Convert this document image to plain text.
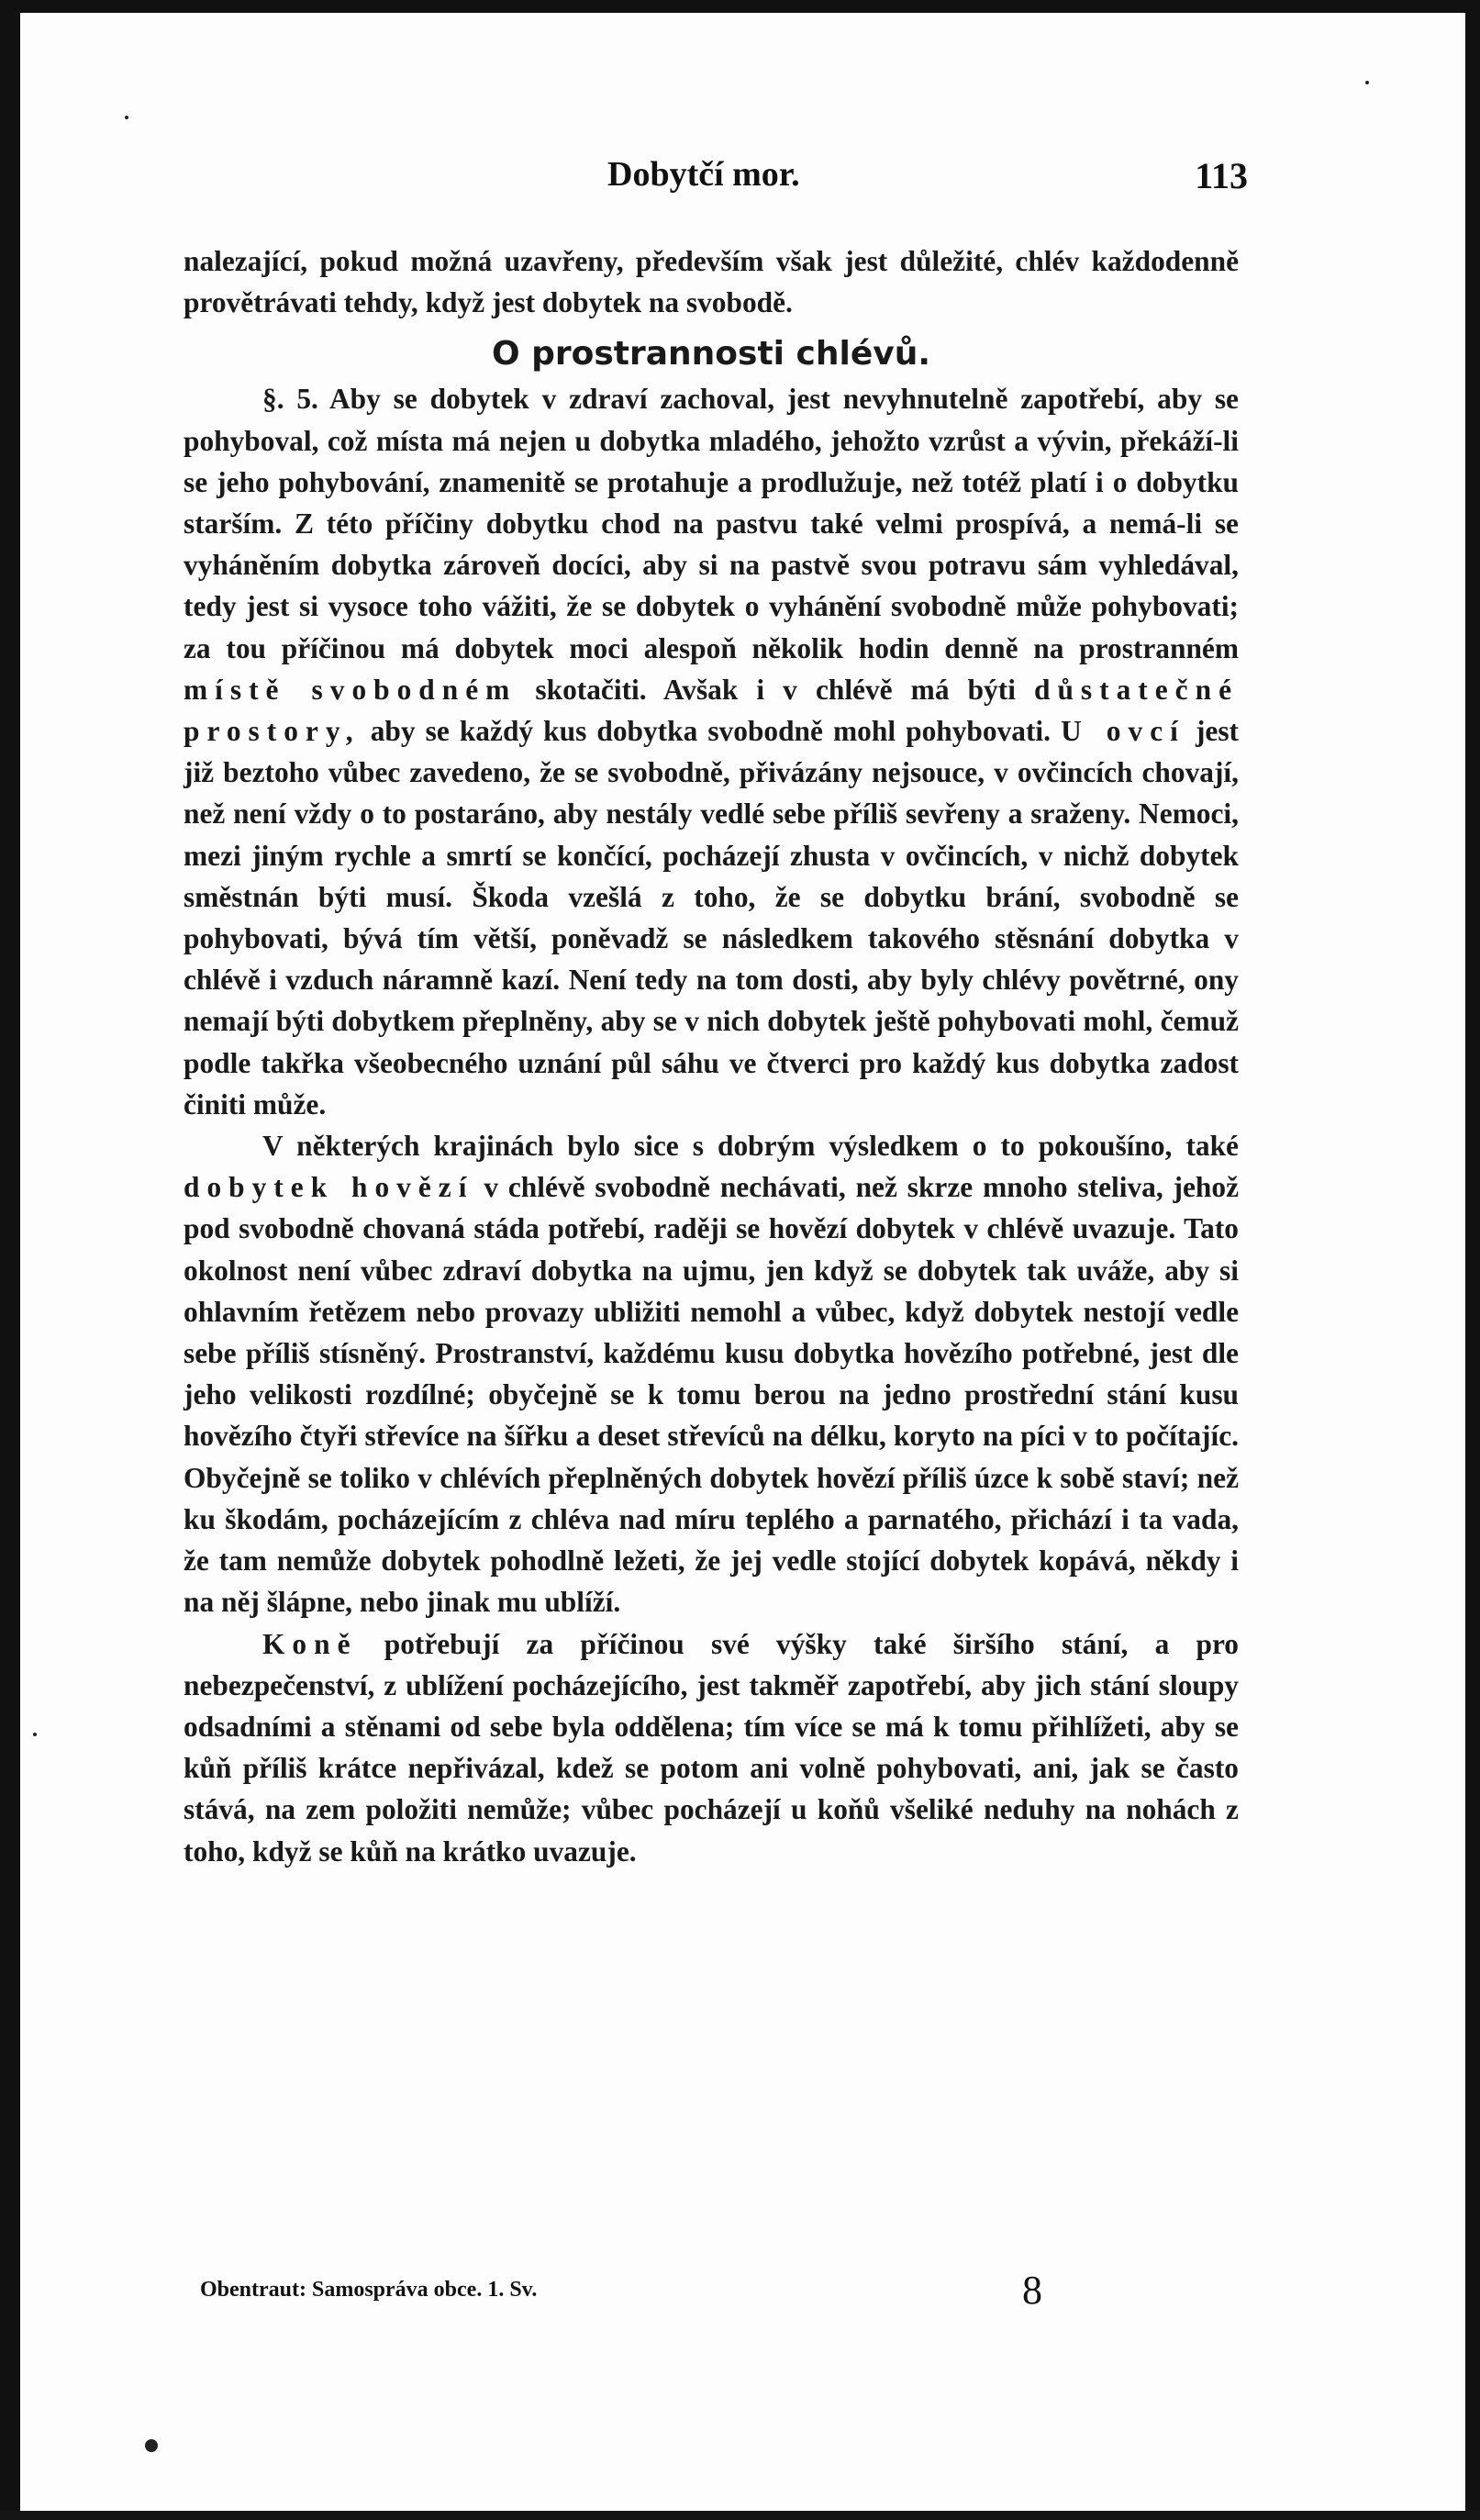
Dobytčí mor.	113

nalezající, pokud možná uzavřeny, především však jest důležité, chlév každodenně provětrávati tehdy, když jest dobytek na svobodě.

O prostrannosti chlévů.

§. 5. Aby se dobytek v zdraví zachoval, jest nevyhnutelně zapotřebí, aby se pohyboval, což místa má nejen u dobytka mladého, jehožto vzrůst a vývin, překáží-li se jeho pohybování, znamenitě se protahuje a prodlužuje, než totéž platí i o dobytku starším. Z této příčiny dobytku chod na pastvu také velmi prospívá, a nemá-li se vyháněním dobytka zároveň docíci, aby si na pastvě svou potravu sám vyhledával, tedy jest si vysoce toho vážiti, že se dobytek o vyhánění svobodně může pohybovati; za tou příčinou má dobytek moci alespoň několik hodin denně na prostranném místě svobodném skotačiti. Avšak i v chlévě má býti důstatečné prostory, aby se každý kus dobytka svobodně mohl pohybovati. U ovcí jest již beztoho vůbec zavedeno, že se svobodně, přivázány nejsouce, v ovčincích chovají, než není vždy o to postaráno, aby nestály vedlé sebe příliš sevřeny a sraženy. Nemoci, mezi jiným rychle a smrtí se končící, pocházejí zhusta v ovčincích, v nichž dobytek směstnán býti musí. Škoda vzešlá z toho, že se dobytku brání, svobodně se pohybovati, bývá tím větší, poněvadž se následkem takového stěsnání dobytka v chlévě i vzduch náramně kazí. Není tedy na tom dosti, aby byly chlévy povětrné, ony nemají býti dobytkem přeplněny, aby se v nich dobytek ještě pohybovati mohl, čemuž podle takřka všeobecného uznání půl sáhu ve čtverci pro každý kus dobytka zadost činiti může.

V některých krajinách bylo sice s dobrým výsledkem o to pokoušíno, také dobytek hovězí v chlévě svobodně nechávati, než skrze mnoho steliva, jehož pod svobodně chovaná stáda potřebí, raději se hovězí dobytek v chlévě uvazuje. Tato okolnost není vůbec zdraví dobytka na ujmu, jen když se dobytek tak uváže, aby si ohlavním řetězem nebo provazy ubližiti nemohl a vůbec, když dobytek nestojí vedle sebe příliš stísněný. Prostranství, každému kusu dobytka hovězího potřebné, jest dle jeho velikosti rozdílné; obyčejně se k tomu berou na jedno prostřední stání kusu hovězího čtyři střevíce na šířku a deset střevíců na délku, koryto na píci v to počítajíc. Obyčejně se toliko v chlévích přeplněných dobytek hovězí příliš úzce k sobě staví; než ku škodám, pocházejícím z chléva nad míru teplého a parnatého, přichází i ta vada, že tam nemůže dobytek pohodlně ležeti, že jej vedle stojící dobytek kopává, někdy i na něj šlápne, nebo jinak mu ublíží.

Koně potřebují za příčinou své výšky také širšího stání, a pro nebezpečenství, z ublížení pocházejícího, jest takměř zapotřebí, aby jich stání sloupy odsadními a stěnami od sebe byla oddělena; tím více se má k tomu přihlížeti, aby se kůň příliš krátce nepřivázal, kdež se potom ani volně pohybovati, ani, jak se často stává, na zem položiti nemůže; vůbec pocházejí u koňů všeliké neduhy na nohách z toho, když se kůň na krátko uvazuje.

Obentraut: Samospráva obce. 1. Sv.	8
